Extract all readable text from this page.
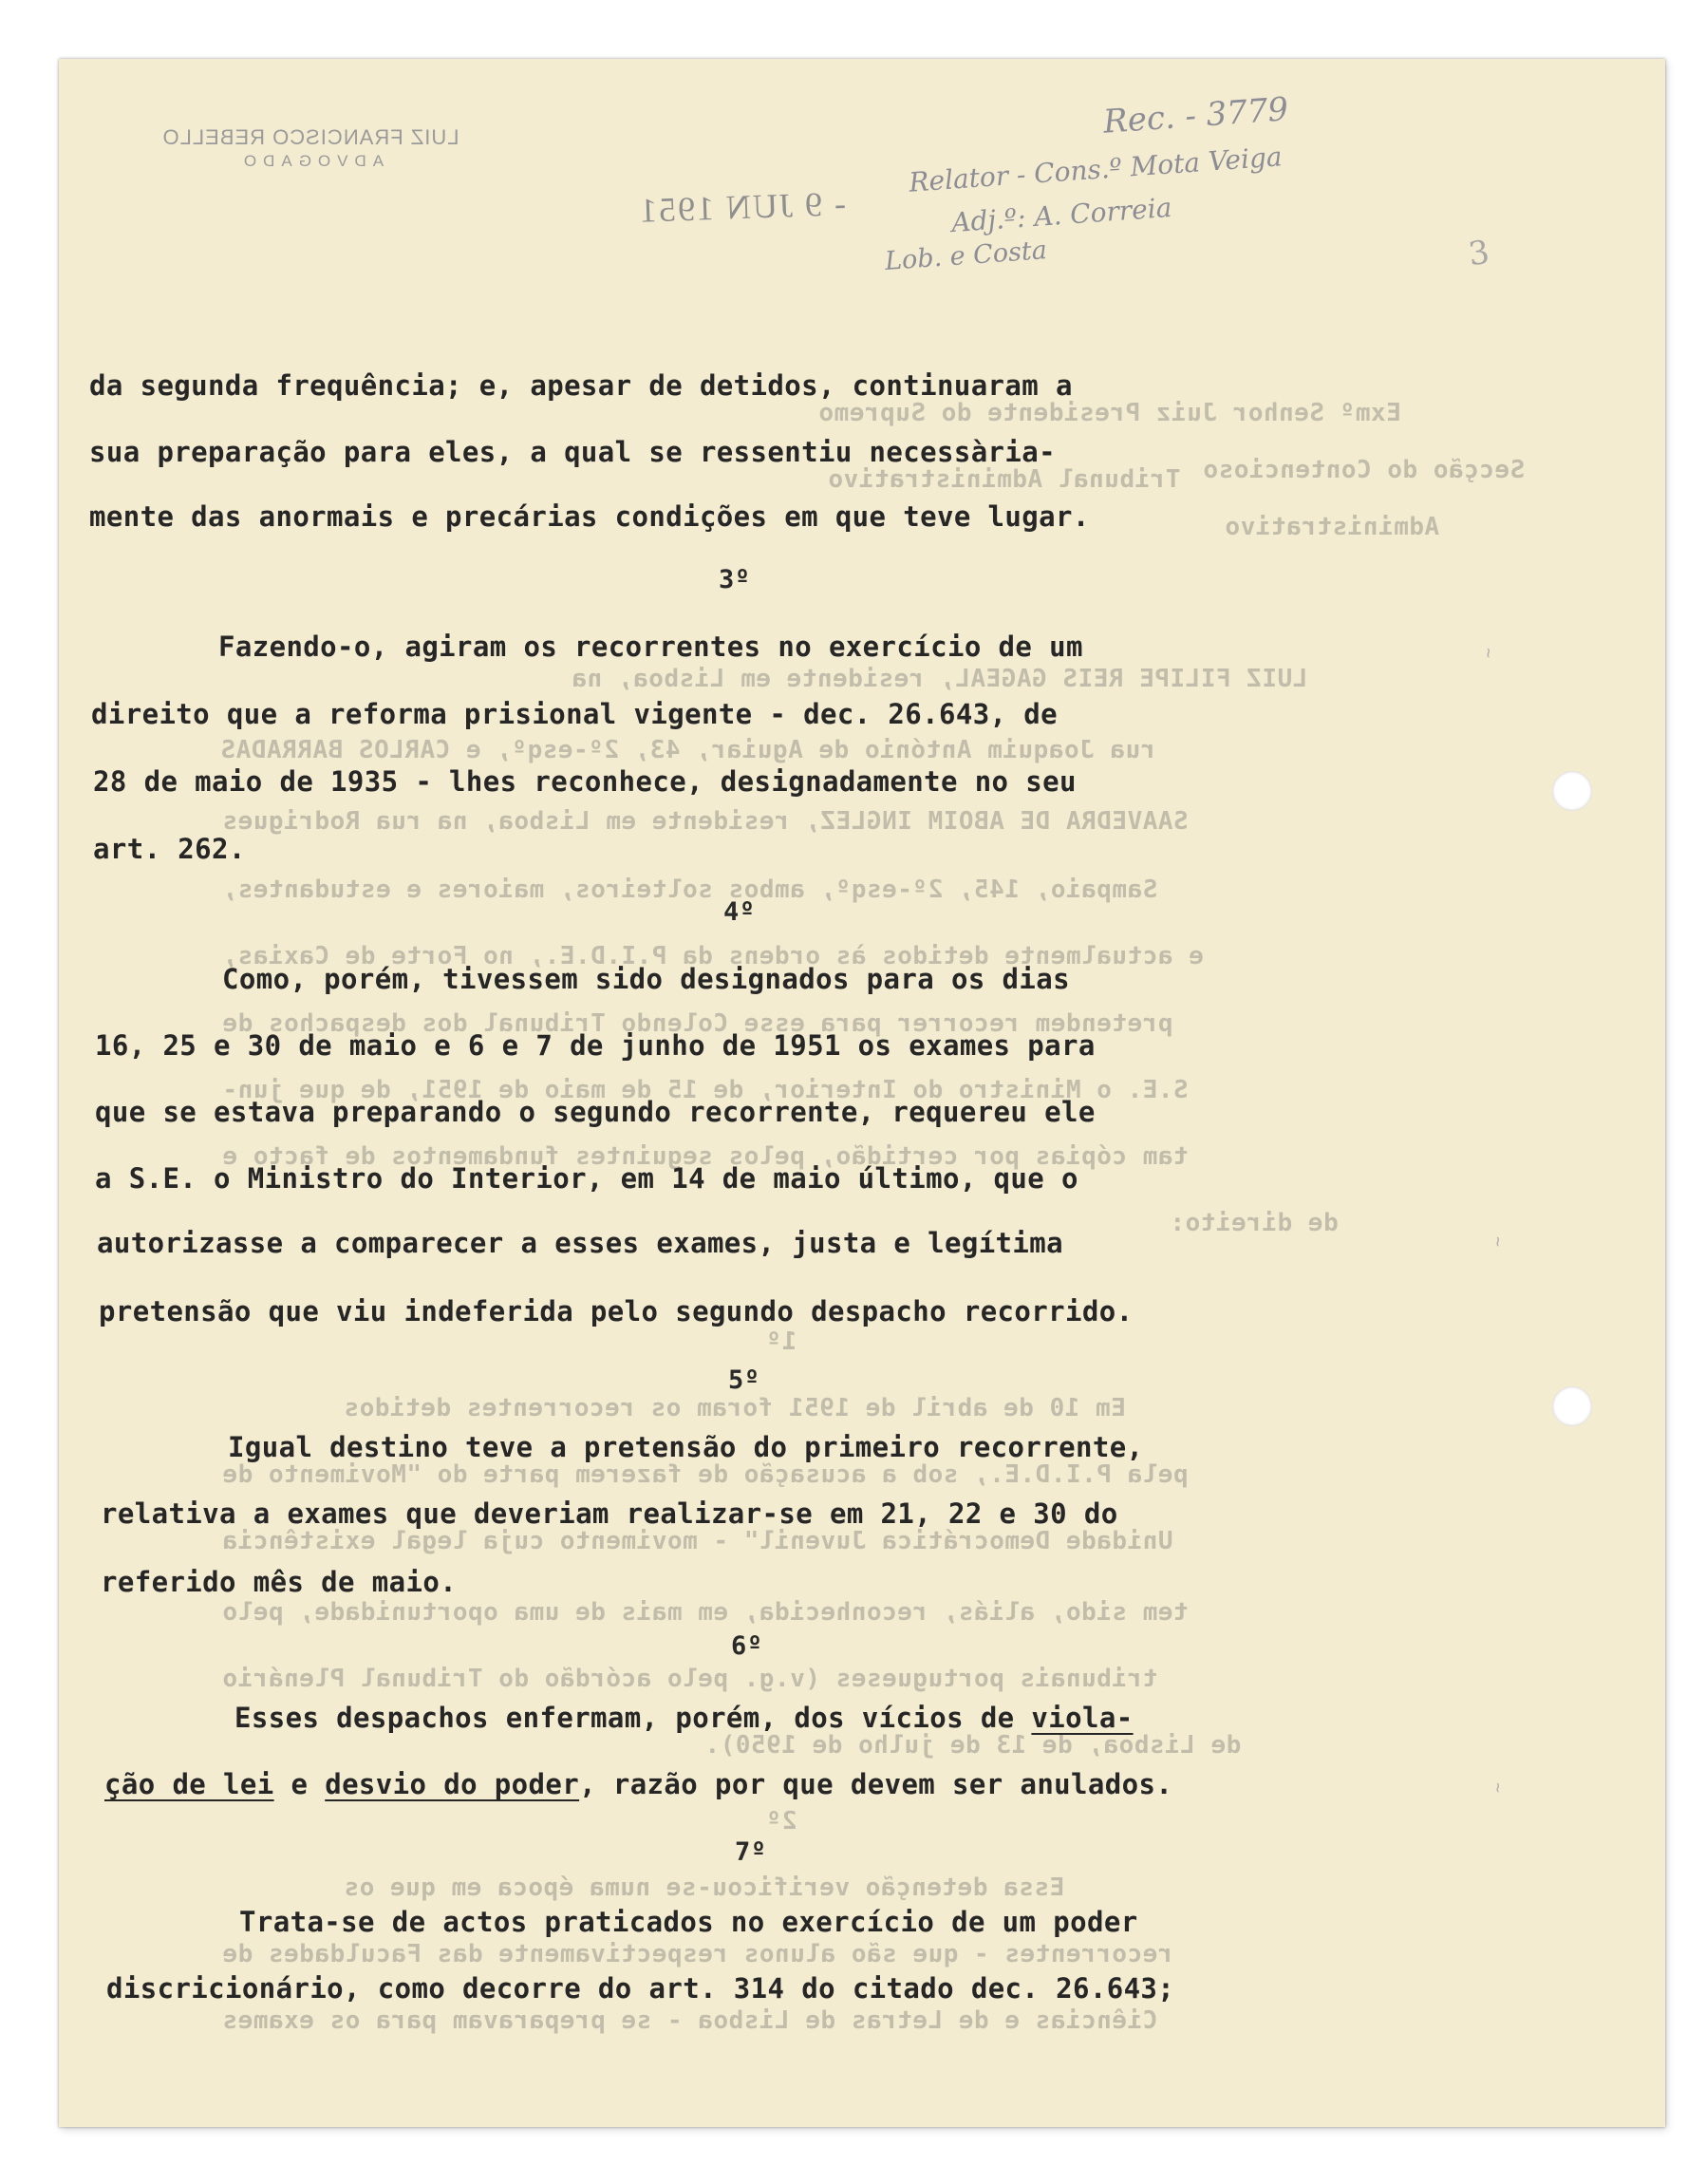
Exmº Senhor Juiz Presidente do Supremo
Tribunal Administrativo Secção do Contencioso
Administrativo
LUIZ FILIPE REIS GAGEAL, residente em Lisboa, na
rua Joaquim António de Aguiar, 43, 2º-esqº, e CARLOS BARRADAS
SAAVEDRA DE ABOIM INGLEZ, residente em Lisboa, na rua Rodrigues
Sampaio, 145, 2º-esqº, ambos solteiros, maiores e estudantes,
e actualmente detidos às ordens da P.I.D.E., no Forte de Caxias,
pretendem recorrer para esse Colendo Tribunal dos despachos de
S.E. o Ministro do Interior, de 15 de maio de 1951, de que jun-
tam cópias por certidão, pelos seguintes fundamentos de facto e
de direito:
1º
Em 10 de abril de 1951 foram os recorrentes detidos
pela P.I.D.E., sob a acusação de fazerem parte do "Movimento de
Unidade Democrática Juvenil" - movimento cuja legal existência
tem sido, aliás, reconhecida, em mais de uma oportunidade, pelo
tribunais portugueses (v.g. pelo acórdão do Tribunal Plenário
de Lisboa, de 13 de julho de 1950).
2º
Essa detenção verificou-se numa época em que os
recorrentes - que são alunos respectivamente das Faculdades de
Ciências e de Letras de Lisboa - se preparavam para os exames
LUIZ FRANCISCO REBELLO
ADVOGADO
- 9 JUN 1951
Rec. - 3779
Relator - Cons.º Mota Veiga
Adj.º: A. Correia
Lob. e Costa	3
~
~
~
da segunda frequência; e, apesar de detidos, continuaram a
sua preparação para eles, a qual se ressentiu necessària-
mente das anormais e precárias condições em que teve lugar.
3º
Fazendo-o, agiram os recorrentes no exercício de um
direito que a reforma prisional vigente - dec. 26.643, de
28 de maio de 1935 - lhes reconhece, designadamente no seu
art. 262.
4º
Como, porém, tivessem sido designados para os dias
16, 25 e 30 de maio e 6 e 7 de junho de 1951 os exames para
que se estava preparando o segundo recorrente, requereu ele
a S.E. o Ministro do Interior, em 14 de maio último, que o
autorizasse a comparecer a esses exames, justa e legítima
pretensão que viu indeferida pelo segundo despacho recorrido.
5º
Igual destino teve a pretensão do primeiro recorrente,
relativa a exames que deveriam realizar-se em 21, 22 e 30 do
referido mês de maio.
6º
Esses despachos enfermam, porém, dos vícios de viola-
ção de lei e desvio do poder, razão por que devem ser anulados.
7º
Trata-se de actos praticados no exercício de um poder
discricionário, como decorre do art. 314 do citado dec. 26.643;
